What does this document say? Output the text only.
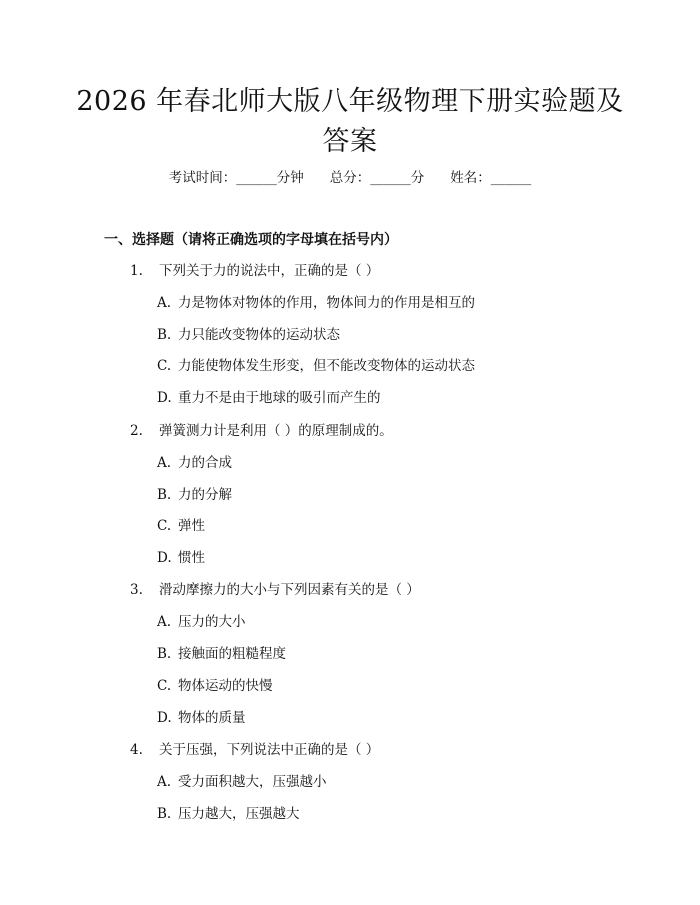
2026 年春北师大版八年级物理下册实验题及
答案
考试时间：______分钟 总分：______分 姓名：______
一、选择题（请将正确选项的字母填在括号内）
1. 下列关于力的说法中，正确的是（ ）
A. 力是物体对物体的作用，物体间力的作用是相互的
B. 力只能改变物体的运动状态
C. 力能使物体发生形变，但不能改变物体的运动状态
D. 重力不是由于地球的吸引而产生的
2. 弹簧测力计是利用（ ）的原理制成的。
A. 力的合成
B. 力的分解
C. 弹性
D. 惯性
3. 滑动摩擦力的大小与下列因素有关的是（ ）
A. 压力的大小
B. 接触面的粗糙程度
C. 物体运动的快慢
D. 物体的质量
4. 关于压强，下列说法中正确的是（ ）
A. 受力面积越大，压强越小
B. 压力越大，压强越大
